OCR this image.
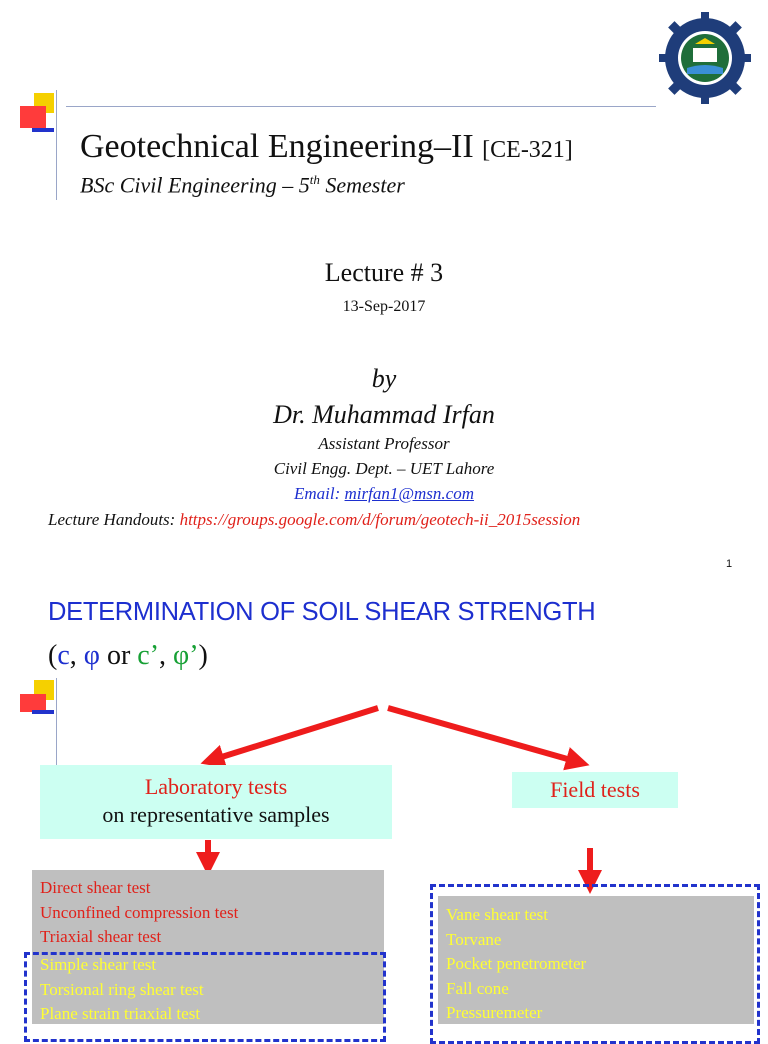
Geotechnical Engineering–II [CE-321]
BSc Civil Engineering – 5th Semester
Lecture # 3
13-Sep-2017
by
Dr. Muhammad Irfan
Assistant Professor
Civil Engg. Dept. – UET Lahore
Email: mirfan1@msn.com
Lecture Handouts: https://groups.google.com/d/forum/geotech-ii_2015session
1
DETERMINATION OF SOIL SHEAR STRENGTH
(c, φ or c’, φ’)
Laboratory tests
on representative samples
Field tests
Direct shear test
Unconfined compression test
Triaxial shear test
Simple shear test
Torsional ring shear test
Plane strain triaxial test
Vane shear test
Torvane
Pocket penetrometer
Fall cone
Pressuremeter
